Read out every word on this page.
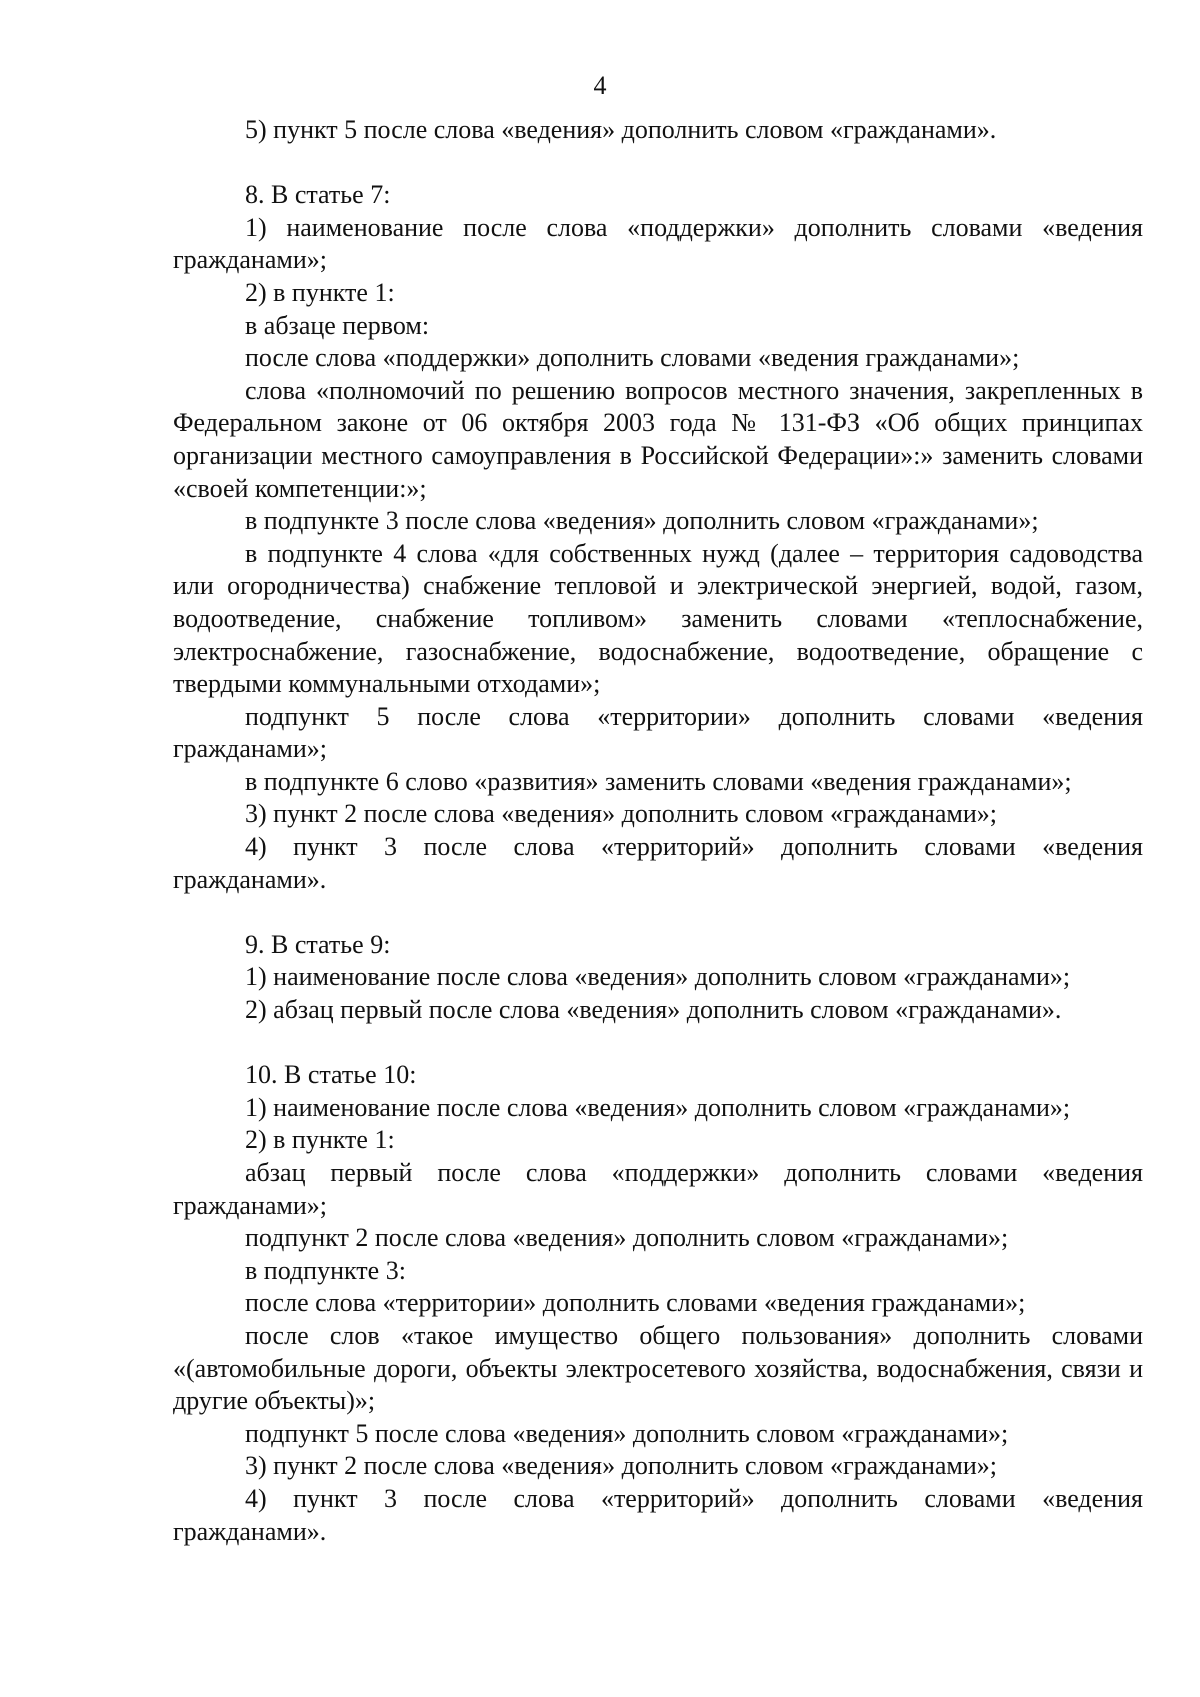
4

5) пункт 5 после слова «ведения» дополнить словом «гражданами».

8. В статье 7:

1) наименование после слова «поддержки» дополнить словами «ведения гражданами»;

2) в пункте 1:

в абзаце первом:

после слова «поддержки» дополнить словами «ведения гражданами»;

слова «полномочий по решению вопросов местного значения, закрепленных в Федеральном законе от 06 октября 2003 года № 131-ФЗ «Об общих принципах организации местного самоуправления в Российской Федерации»:» заменить словами «своей компетенции:»;

в подпункте 3 после слова «ведения» дополнить словом «гражданами»;

в подпункте 4 слова «для собственных нужд (далее – территория садоводства или огородничества) снабжение тепловой и электрической энергией, водой, газом, водоотведение, снабжение топливом» заменить словами «теплоснабжение, электроснабжение, газоснабжение, водоснабжение, водоотведение, обращение с твердыми коммунальными отходами»;

подпункт 5 после слова «территории» дополнить словами «ведения гражданами»;

в подпункте 6 слово «развития» заменить словами «ведения гражданами»;

3) пункт 2 после слова «ведения» дополнить словом «гражданами»;

4) пункт 3 после слова «территорий» дополнить словами «ведения гражданами».

9. В статье 9:

1) наименование после слова «ведения» дополнить словом «гражданами»;

2) абзац первый после слова «ведения» дополнить словом «гражданами».

10. В статье 10:

1) наименование после слова «ведения» дополнить словом «гражданами»;

2) в пункте 1:

абзац первый после слова «поддержки» дополнить словами «ведения гражданами»;

подпункт 2 после слова «ведения» дополнить словом «гражданами»;

в подпункте 3:

после слова «территории» дополнить словами «ведения гражданами»;

после слов «такое имущество общего пользования» дополнить словами «(автомобильные дороги, объекты электросетевого хозяйства, водоснабжения, связи и другие объекты)»;

подпункт 5 после слова «ведения» дополнить словом «гражданами»;

3) пункт 2 после слова «ведения» дополнить словом «гражданами»;

4) пункт 3 после слова «территорий» дополнить словами «ведения гражданами».
